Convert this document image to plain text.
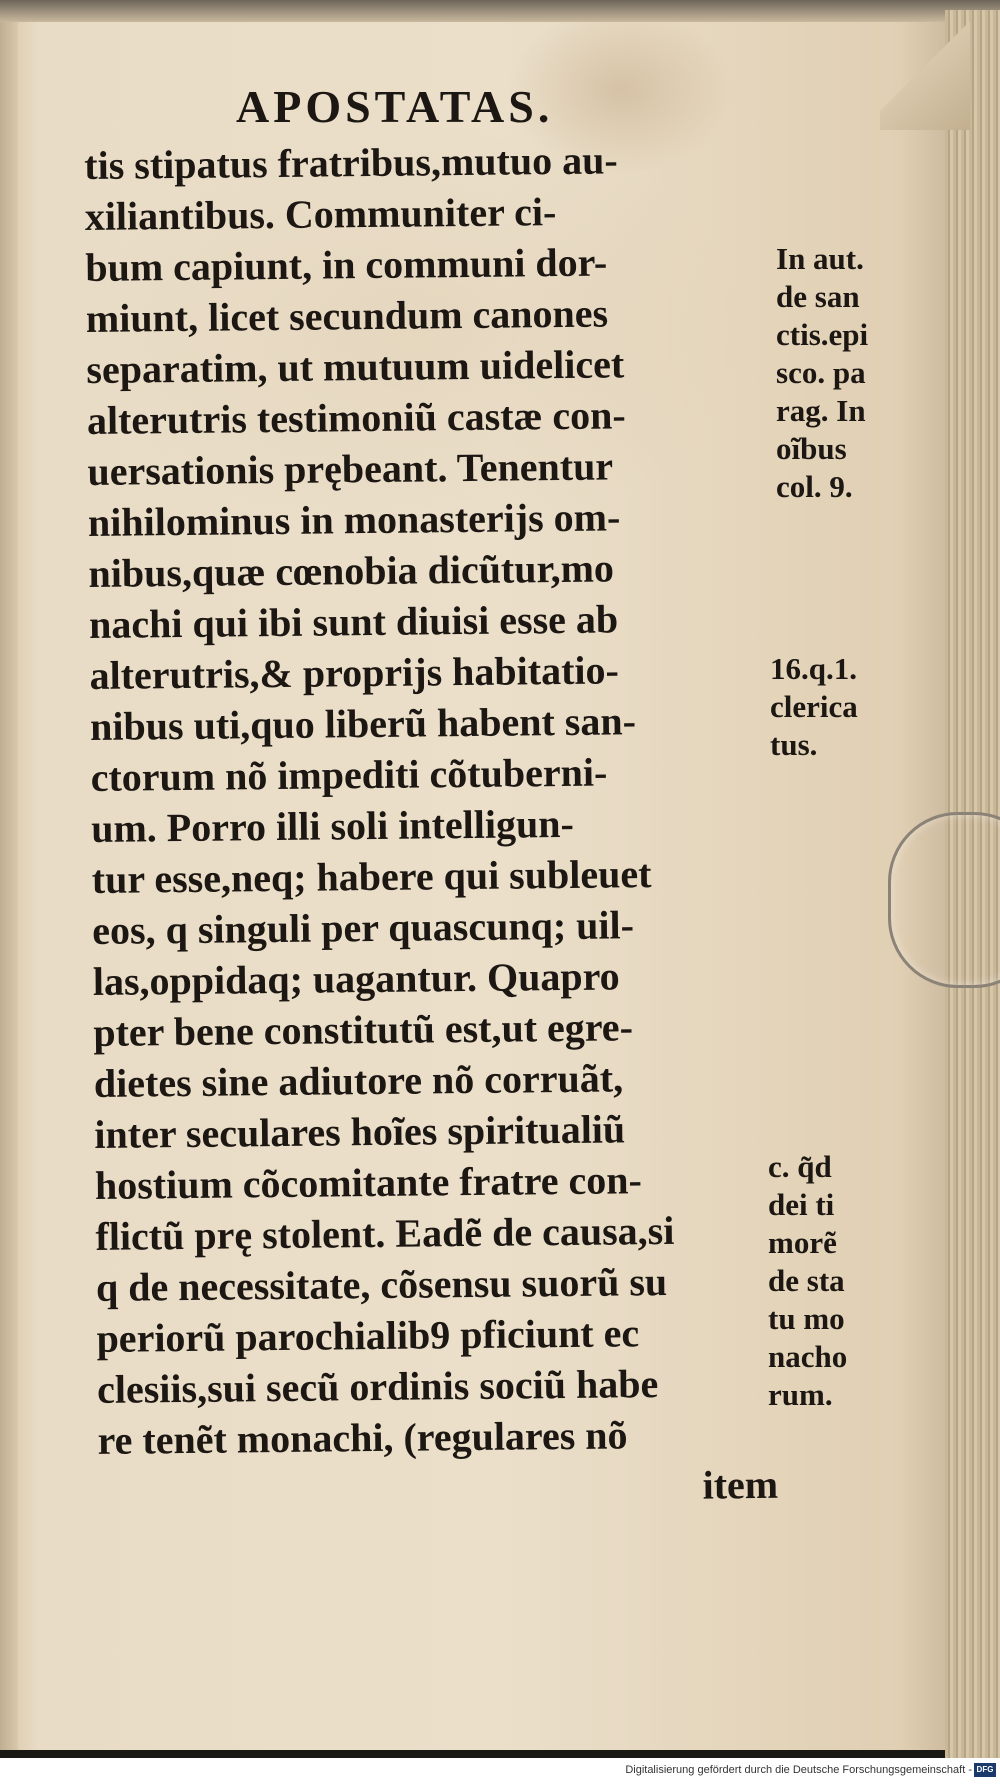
APOSTATAS.
tis stipatus fratribus,mutuo au-
xiliantibus. Communiter ci-
bum capiunt, in communi dor-
miunt, licet secundum canones
separatim, ut mutuum uidelicet
alterutris testimoniũ castæ con-
uersationis prębeant. Tenentur
nihilominus in monasterijs om-
nibus,quæ cœnobia dicũtur,mo
nachi qui ibi sunt diuisi esse ab
alterutris,& proprijs habitatio-
nibus uti,quo liberũ habent san-
ctorum nõ impediti cõtuberni-
um. Porro illi soli intelligun-
tur esse,neq; habere qui subleuet
eos, q singuli per quascunq; uil-
las,oppidaq; uagantur. Quapro
pter bene constitutũ est,ut egre-
dietes sine adiutore nõ corruãt,
inter seculares hoĩes spiritualiũ
hostium cõcomitante fratre con-
flictũ prę stolent. Eadẽ de causa,si
q de necessitate, cõsensu suorũ su
periorũ parochialib9 pficiunt ec
clesiis,sui secũ ordinis sociũ habe
re tenẽt monachi, (regulares nõ
item
In aut.
de san
ctis.epi
sco. pa
rag. In
oĩbus
col. 9.
16.q.1.
clerica
tus.
c. q̃d
dei ti
morẽ
de sta
tu mo
nacho
rum.
Digitalisierung gefördert durch die Deutsche Forschungsgemeinschaft - DFG
